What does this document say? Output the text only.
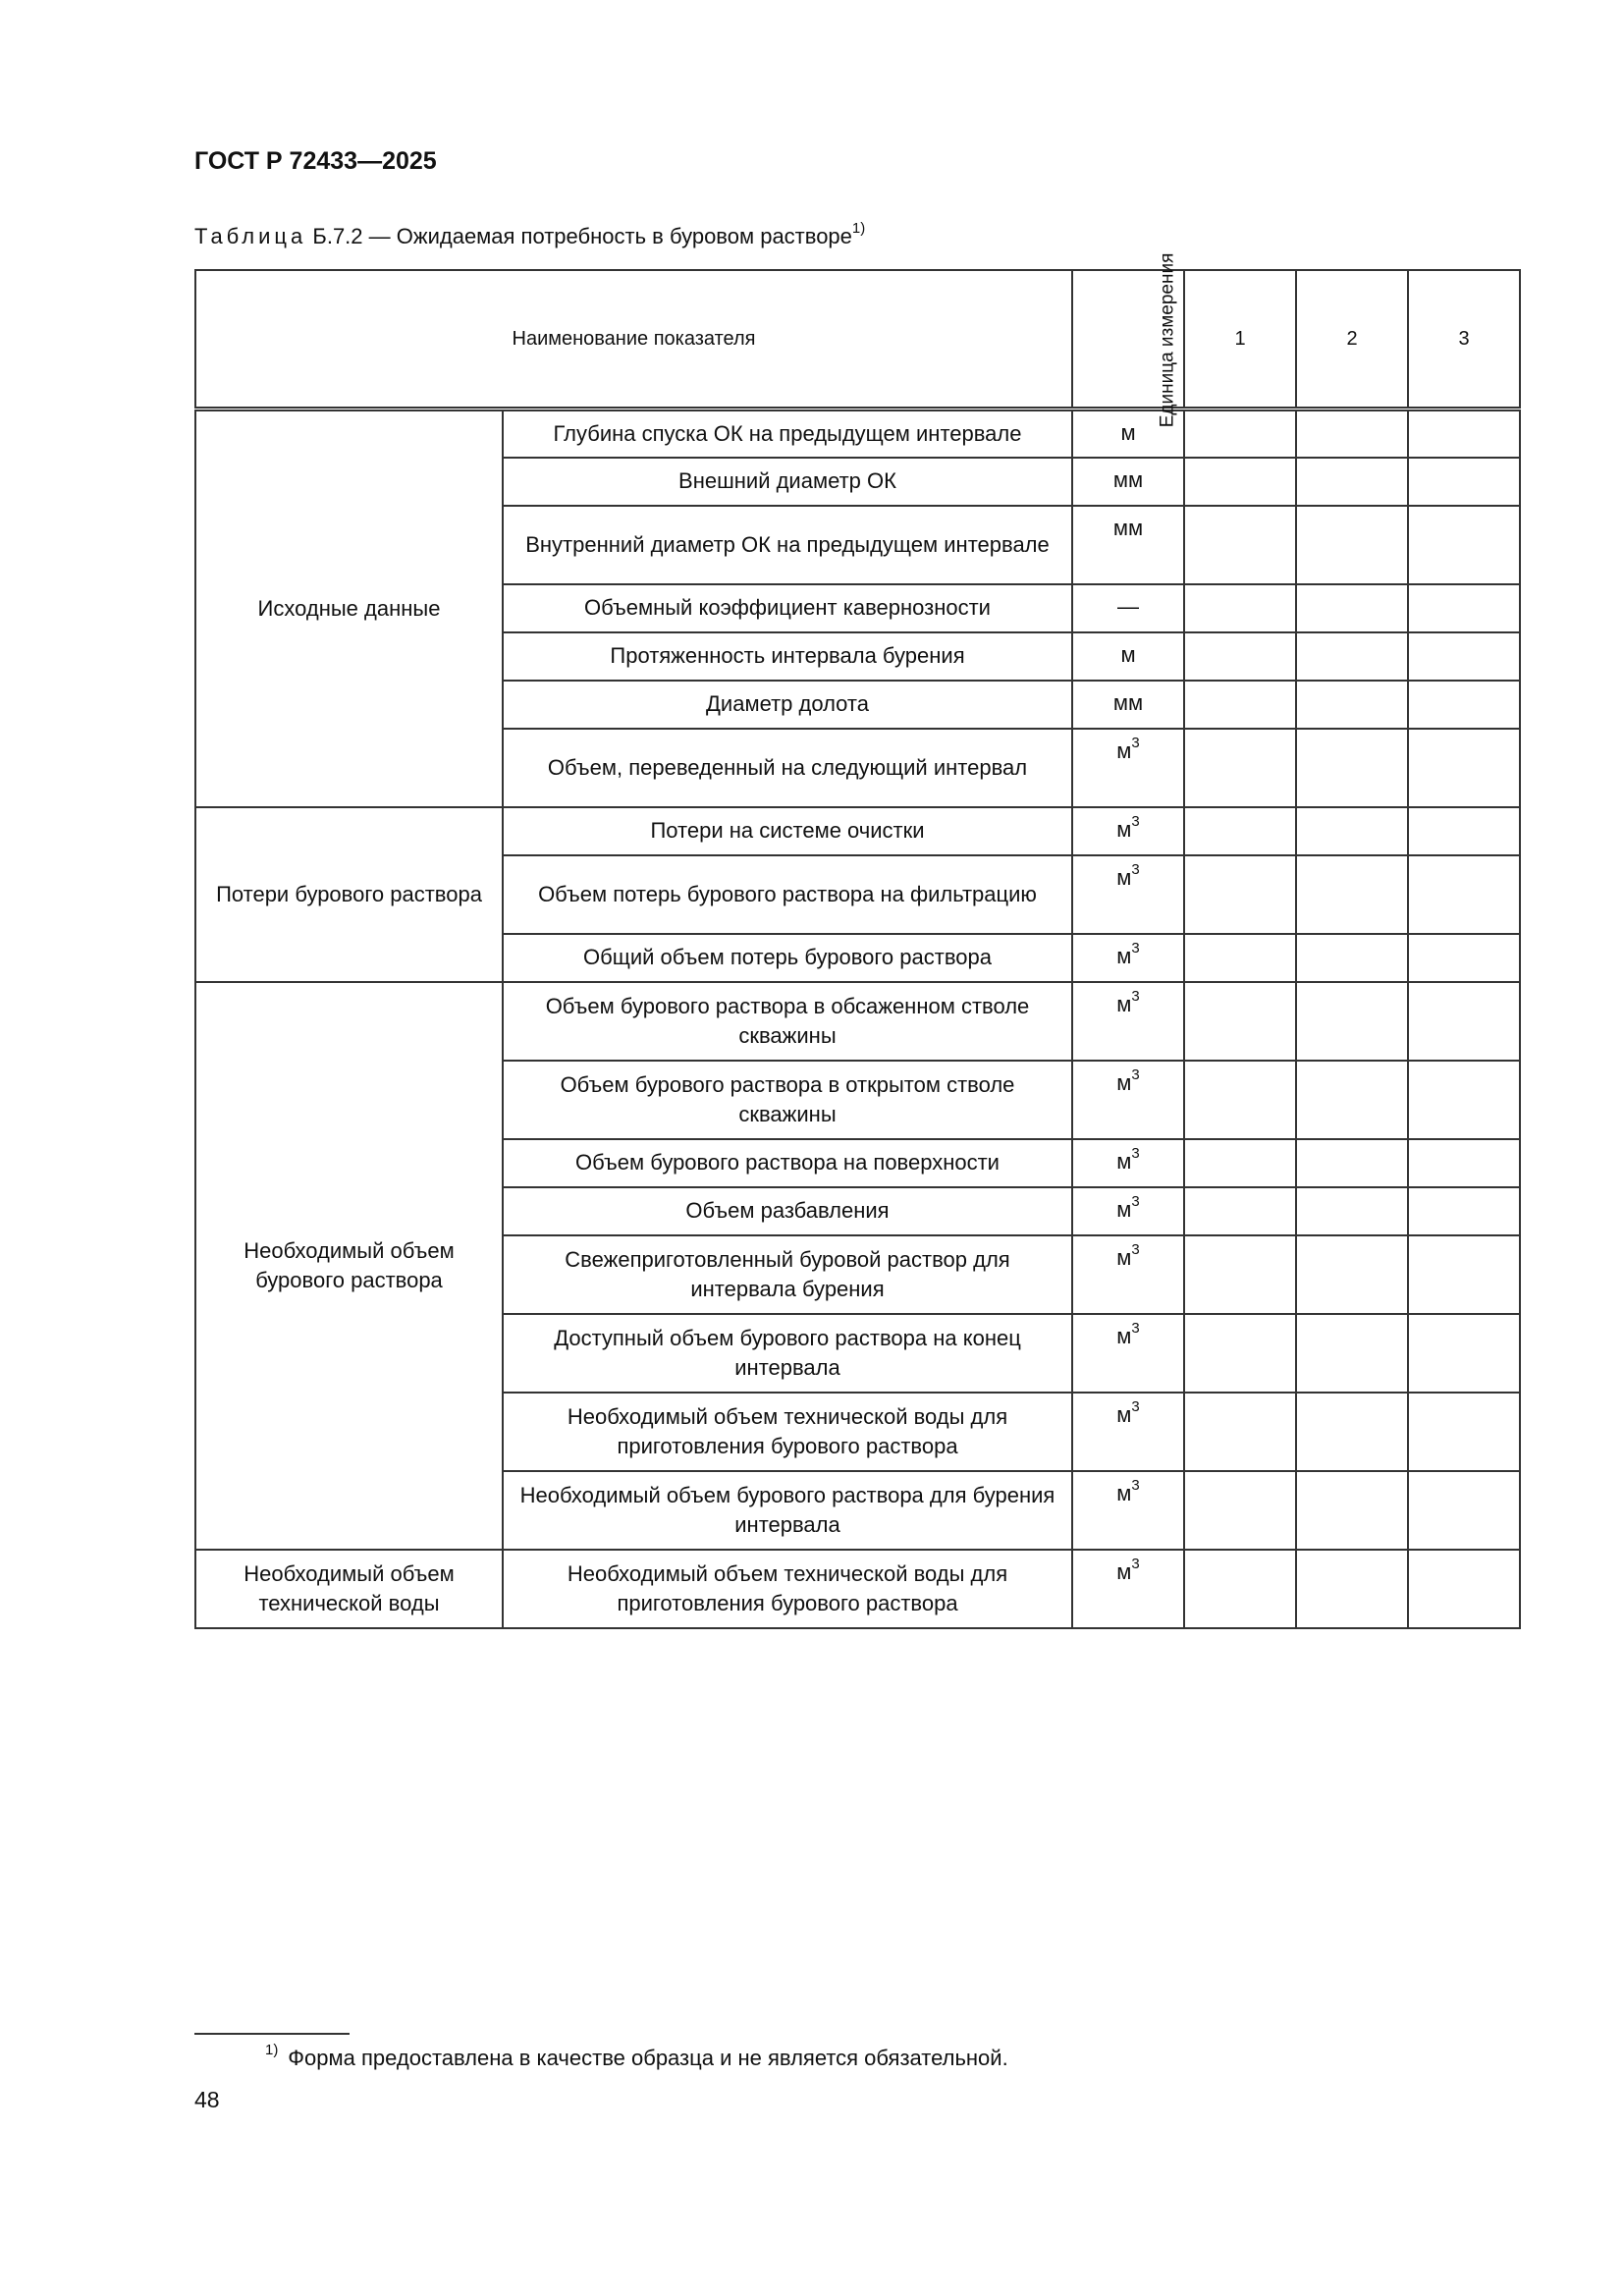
ГОСТ Р 72433—2025

Таблица Б.7.2 — Ожидаемая потребность в буровом растворе$^{1)}$

Наименование показателя		Единица измерения	1	2	3
Исходные данные	Глубина спуска ОК на предыдущем интервале	м			
	Внешний диаметр ОК	мм			
	Внутренний диаметр ОК на предыдущем интервале	мм			
	Объемный коэффициент кавернозности	—			
	Протяженность интервала бурения	м			
	Диаметр долота	мм			
	Объем, переведенный на следующий интервал	$м^3$			
Потери бурового раствора	Потери на системе очистки	$м^3$			
	Объем потерь бурового раствора на фильтрацию	$м^3$			
	Общий объем потерь бурового раствора	$м^3$			
Необходимый объем бурового раствора	Объем бурового раствора в обсаженном стволе скважины	$м^3$			
	Объем бурового раствора в открытом стволе скважины	$м^3$			
	Объем бурового раствора на поверхности	$м^3$			
	Объем разбавления	$м^3$			
	Свежеприготовленный буровой раствор для интервала бурения	$м^3$			
	Доступный объем бурового раствора на конец интервала	$м^3$			
	Необходимый объем технической воды для приготовления бурового раствора	$м^3$			
	Необходимый объем бурового раствора для бурения интервала	$м^3$			
Необходимый объем технической воды	Необходимый объем технической воды для приготовления бурового раствора	$м^3$			

$^{1)}$ Форма предоставлена в качестве образца и не является обязательной.

48
